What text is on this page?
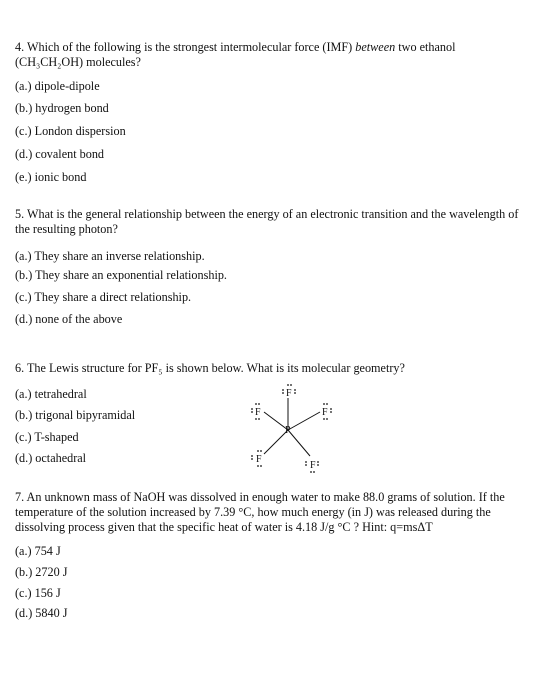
4. Which of the following is the strongest intermolecular force (IMF) between two ethanol
(CH₃CH₂OH) molecules?
(a.) dipole-dipole
(b.) hydrogen bond
(c.) London dispersion
(d.) covalent bond
(e.) ionic bond
5. What is the general relationship between the energy of an electronic transition and the wavelength of the resulting photon?
(a.) They share an inverse relationship.
(b.) They share an exponential relationship.
(c.) They share a direct relationship.
(d.) none of the above
6. The Lewis structure for PF₅ is shown below. What is its molecular geometry?
(a.) tetrahedral
(b.) trigonal bipyramidal
(c.) T-shaped
(d.) octahedral
P
F
F	F
F
F
7. An unknown mass of NaOH was dissolved in enough water to make 88.0 grams of solution. If the temperature of the solution increased by 7.39 °C, how much energy (in J) was released during the dissolving process given that the specific heat of water is 4.18 J/g °C ? Hint: q=msΔT
(a.) 754 J
(b.) 2720 J
(c.) 156 J
(d.) 5840 J
